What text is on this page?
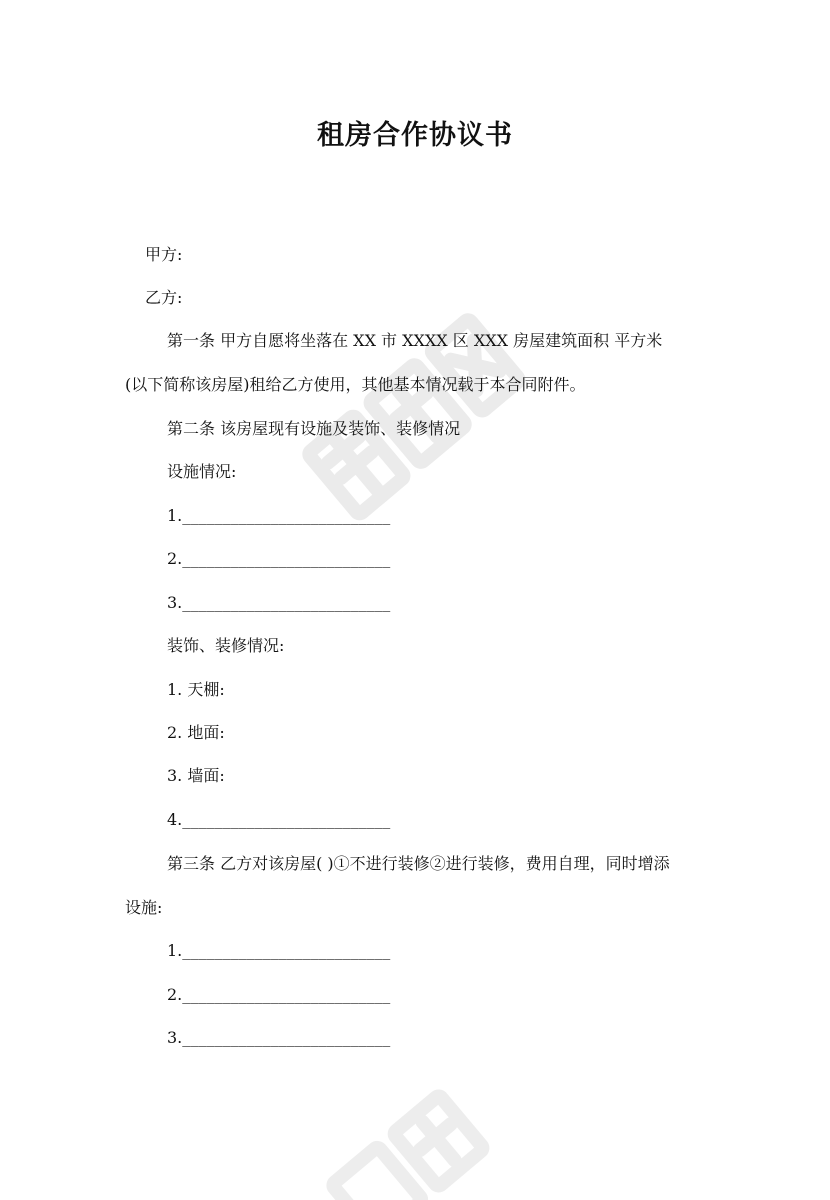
租房合作协议书

甲方:

乙方:

第一条 甲方自愿将坐落在 XX 市 XXXX 区 XXX 房屋建筑面积 平方米

(以下简称该房屋)租给乙方使用，其他基本情况载于本合同附件。

第二条 该房屋现有设施及装饰、装修情况

设施情况:

1.__________________________

2.__________________________

3.__________________________

装饰、装修情况:

1. 天棚:

2. 地面:

3. 墙面:

4.__________________________

第三条 乙方对该房屋( )①不进行装修②进行装修，费用自理，同时增添

设施:

1.__________________________

2.__________________________

3.__________________________
